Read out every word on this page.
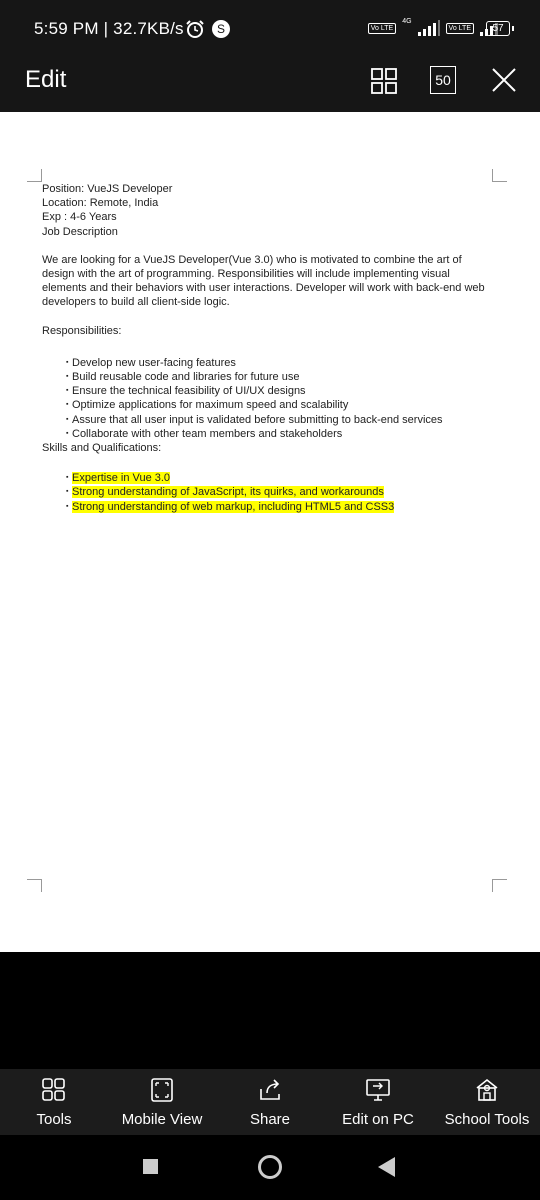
5:59 PM | 32.7KB/s	S	Vo LTE
4G
Vo LTE	57
Edit	50

Position: VueJS Developer

Location: Remote, India

Exp : 4-6 Years

Job Description

We are looking for a VueJS Developer(Vue 3.0) who is motivated to combine the art of design with the art of programming. Responsibilities will include implementing visual elements and their behaviors with user interactions. Developer will work with back-end web developers to build all client-side logic.

Responsibilities:

▪ Develop new user-facing features
▪ Build reusable code and libraries for future use
▪ Ensure the technical feasibility of UI/UX designs
▪ Optimize applications for maximum speed and scalability
▪ Assure that all user input is validated before submitting to back-end services
▪ Collaborate with other team members and stakeholders

Skills and Qualifications:

▪ Expertise in Vue 3.0
▪ Strong understanding of JavaScript, its quirks, and workarounds
▪ Strong understanding of web markup, including HTML5 and CSS3
Tools	Mobile View	Share	Edit on PC School Tools
